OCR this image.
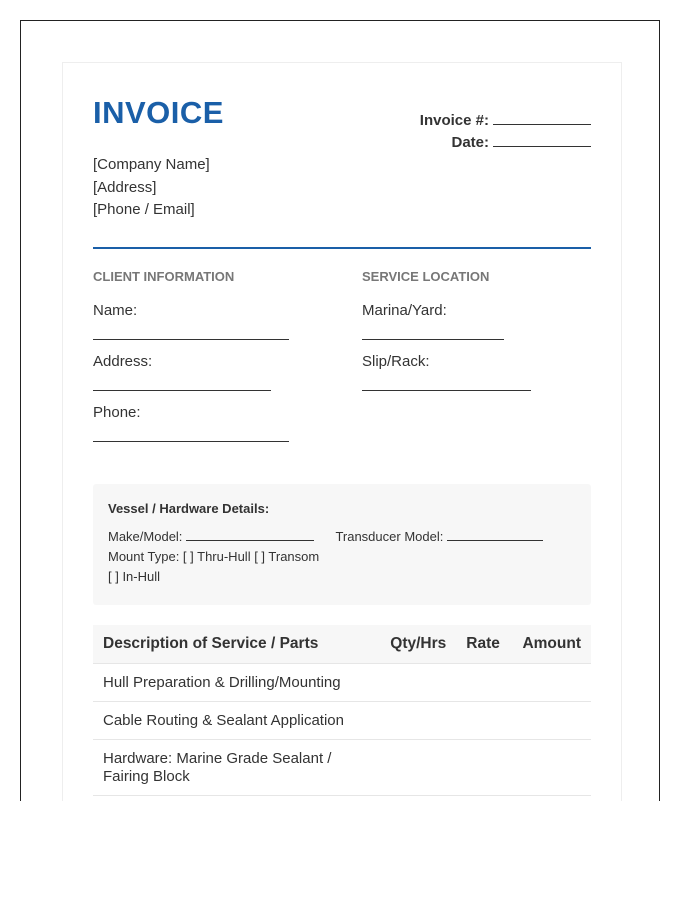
INVOICE
[Company Name]
[Address]
[Phone / Email]
Invoice #:
Date:
CLIENT INFORMATION
Name:
Address:
Phone:
SERVICE LOCATION
Marina/Yard:
Slip/Rack:
Vessel / Hardware Details:
Make/Model:	Transducer Model:
Mount Type: [ ] Thru-Hull [ ] Transom
[ ] In-Hull
Description of Service / Parts	Qty/Hrs	Rate	Amount
Hull Preparation & Drilling/Mounting			
Cable Routing & Sealant Application			
Hardware: Marine Grade Sealant / Fairing Block			
